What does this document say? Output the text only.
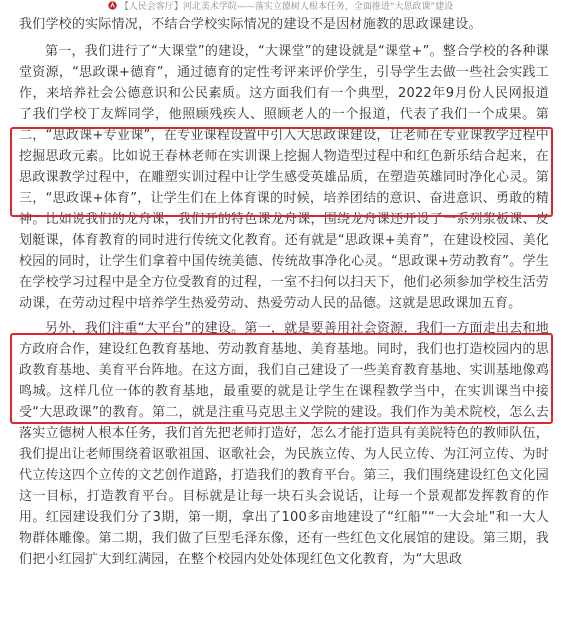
【人民会客厅】河北美术学院——落实立德树人根本任务，全面推进“大思政课”建设

我们学校的实际情况，不结合学校实际情况的建设不是因材施教的思政课建设。

第一，我们进行了“大课堂”的建设，“大课堂”的建设就是“课堂+”。整合学校的各种课堂资源，“思政课+德育”，通过德育的定性考评来评价学生，引导学生去做一些社会实践工作，来培养社会公德意识和公民素质。这方面我们有一个典型，2022年9月份人民网报道了我们学校丁友辉同学，他照顾残疾人、照顾老人的一个报道，代表了我们一个成果。第二，“思政课+专业课”，在专业课程设置中引入大思政课建设，让老师在专业课教学过程中挖掘思政元素。比如说王春林老师在实训课上挖掘人物造型过程中和红色新乐结合起来，在思政课教学过程中，在雕塑实训过程中让学生感受英雄品质，在塑造英雄同时净化心灵。第三，“思政课+体育”，让学生们在上体育课的时候，培养团结的意识、奋进意识、勇敢的精神。比如说我们的龙舟课，我们开的特色课龙舟课，围绕龙舟课还开设了一系列浆板课、皮划艇课，体育教育的同时进行传统文化教育。还有就是“思政课+美育”，在建设校园、美化校园的同时，让学生们拿着中国传统美德、传统故事净化心灵。“思政课+劳动教育”。学生在学校学习过程中是全方位受教育的过程，一室不扫何以扫天下，他们必须参加学校生活劳动课，在劳动过程中培养学生热爱劳动、热爱劳动人民的品德。这就是思政课加五育。

另外，我们注重“大平台”的建设。第一，就是要善用社会资源，我们一方面走出去和地方政府合作，建设红色教育基地、劳动教育基地、美育基地。同时，我们也打造校园内的思政教育基地、美育平台阵地。在这方面，我们自己建设了一些美育教育基地、实训基地像鸡鸣城。这样几位一体的教育基地，最重要的就是让学生在课程教学当中，在实训课当中接受“大思政课”的教育。第二，就是注重马克思主义学院的建设。我们作为美术院校，怎么去落实立德树人根本任务，我们首先把老师打造好，怎么才能打造具有美院特色的教师队伍，我们提出让老师围绕着讴歌祖国、讴歌社会，为民族立传、为人民立传、为江河立传、为时代立传这四个立传的文艺创作道路，打造我们的教育平台。第三，我们围绕建设红色文化园这一目标，打造教育平台。目标就是让每一块石头会说话，让每一个景观都发挥教育的作用。红园建设我们分了3期，第一期，拿出了100多亩地建设了“红船”“一大会址”和一大人物群体雕像。第二期，我们做了巨型毛泽东像，还有一些红色文化展馆的建设。第三期，我们把小红园扩大到红满园，在整个校园内处处体现红色文化教育，为“大思政
